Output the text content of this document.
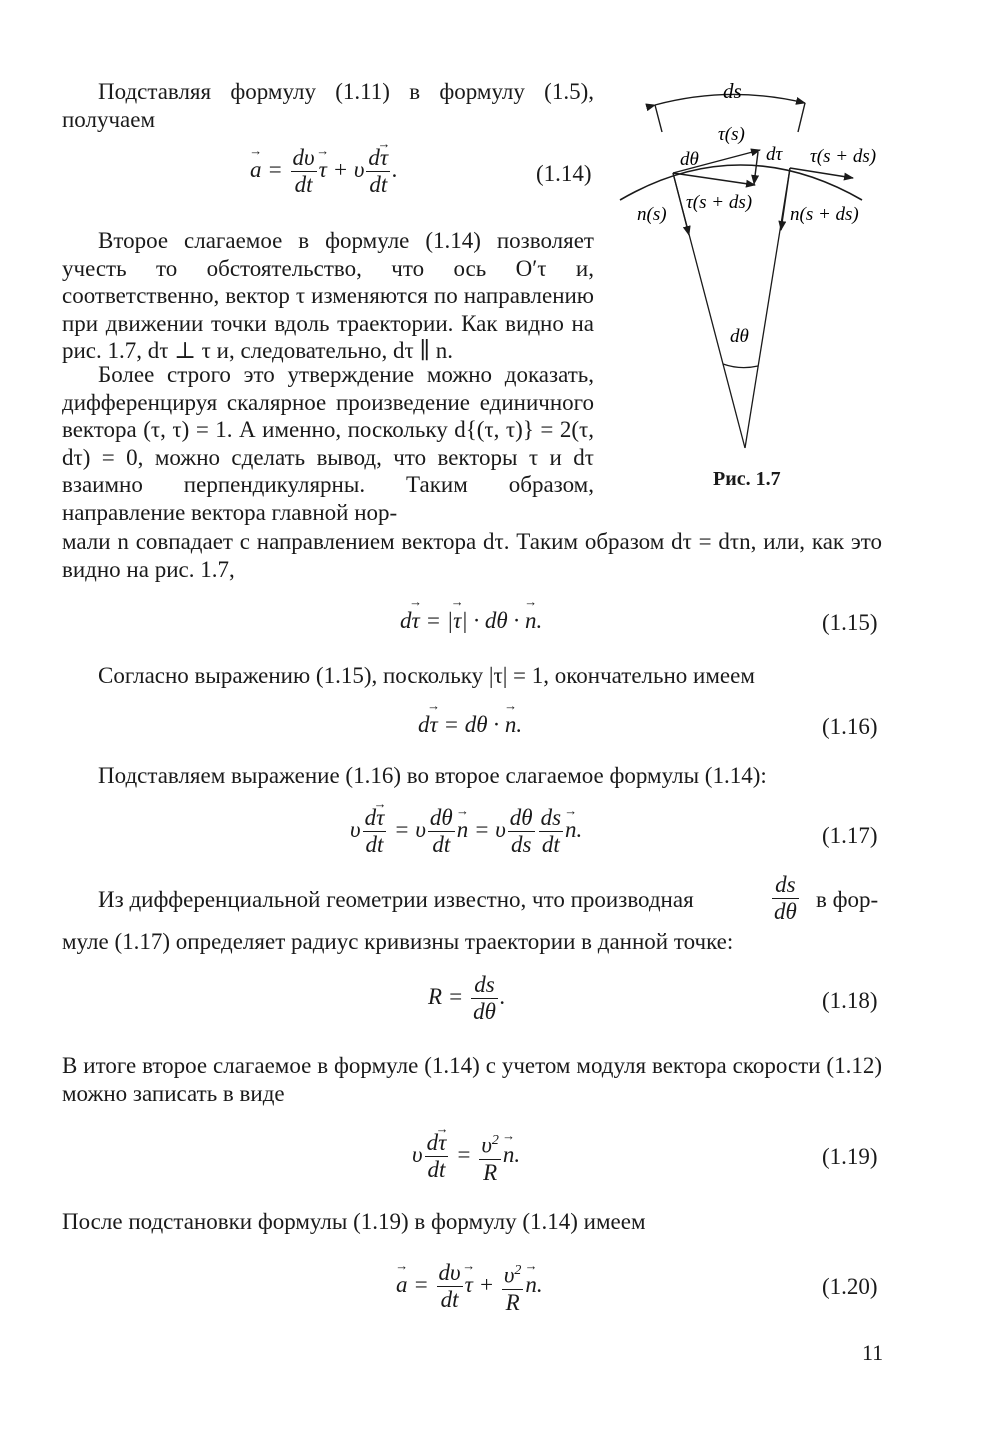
Подставляя формулу (1.11) в формулу (1.5), получаем

→ $a = \frac{d\upsilon}{dt}$
→ τ + υ $\frac{d\to \tau}{dt}$ .	(1.14)

Второе слагаемое в формуле (1.14) позволяет учесть то обстоятельство, что ось O′τ и, соответственно, вектор τ изменяются по направлению при движении точки вдоль траектории. Как видно на рис. 1.7, dτ ⊥ τ и, следовательно, dτ ∥ n.

Более строго это утверждение можно доказать, дифференцируя скалярное произведение единичного вектора (τ, τ) = 1. А именно, поскольку d{(τ, τ)} = 2(τ, dτ) = 0, можно сделать вывод, что векторы τ и dτ взаимно перпендикулярны. Таким образом, направление вектора главной нор-

мали n совпадает с направлением вектора dτ. Таким образом dτ = dτn, или, как это видно на рис. 1.7,

d→ τ = |→ τ| · dθ · → n.	(1.15)

Согласно выражению (1.15), поскольку |τ| = 1, окончательно имеем

d→ τ = dθ · → n.	(1.16)

Подставляем выражение (1.16) во второе слагаемое формулы (1.14):

υ $\frac{d\to \tau}{dt} = \upsilon \frac{d\theta}{dt}$
→ n = υ $\frac{d\theta}{ds} \frac{ds}{dt}$
→ n.	(1.17)
Из дифференциальной геометрии известно, что производная	$\frac{ds}{d\theta}$ в фор-

муле (1.17) определяет радиус кривизны траектории в данной точке:

$R = \frac{ds}{d\theta}$ .	(1.18)

В итоге второе слагаемое в формуле (1.14) с учетом модуля вектора скорости (1.12) можно записать в виде

υ $\frac{d\to \tau}{dt} = \frac{\upsilon^2}{R}$
→ n.	(1.19)

После подстановки формулы (1.19) в формулу (1.14) имеем

→ $a = \frac{d\upsilon}{dt}$
→ $\tau + \frac{\upsilon^2}{R}$
→ n.	(1.20)
11
ds
τ(s)
dθ	τ(s + ds)
τ(s + ds)
dτ
n(s)	n(s + ds)
dθ
Рис. 1.7
